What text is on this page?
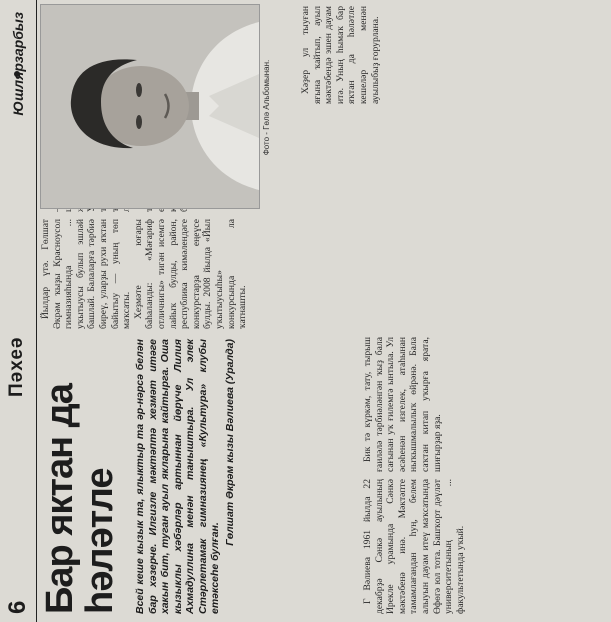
6
Пәхеә
Юшлярзарбыз
Бар яктан да һәләтле Всей кеше кызык та, ялыктыр та әр-нәрсә белән бар хәзерче. Илгизле мәктәптә хезмәт итәге хакын бит, туган ауыл якларына кайтырга. Оша кызыклы хәбәрләр артыннан йөрүче Лилия Ахмадуллина менән таныштыра. Ул элек Стәрлетамак гимназиянең «Культура» клубы етәксеһе булған.
Гөлшат Әкрәм кызы Вәлиева (Уралда)	Г Вәлиева 1961 йылда 22 декабрҙә Сәнкә ауылының Ирекле урамында Сәнкә мәктәбенә инә. Мәктәпте тамамлағандан һуң, белем алыуын дауам итеү маҡсатында Өфөгә юл тота. Башҡорт дәүләт университетының ... факультетында уҡый.

Бик тә күркәм, тату, тырыш ғаиләлә тәрбиәләнгән ҡыҙ бала сағынан уҡ ғилемгә ынтыла. Ул әсәһенән изгелек, атаһынан ныҡышмалылыҡ өйрәнә. Бала саҡтан китап уҡырға ярата, шиғырҙар яҙа.

Йылдар үтә. Гөлшат Әкрәм ҡыҙы Красноусол гимназияһында ... уҡытыусы булып эшләй башлай. Балаларға тәрбиә биреү, уларҙы рухи яҡтан байытыу — уның төп маҡсаты. Хеҙмәте юғары баһаланды: «Мәғариф отличнигы» тигән исемгә лайыҡ булды, район, республика кимәлендәге конкурстарҙа еңеүсе булды. 2008 йылда «Йыл уҡытыусыһы» конкурсында ла ҡатнашты.

Фото - Гөлә Альбомынан.

Хәҙер ул тыуған яғына ҡайтып, ауыл мәктәбендә эшен дауам итә. Уның һымаҡ бар яҡтан да һәләтле кешеләр менән ауылыбыҙ ғорурлана.
